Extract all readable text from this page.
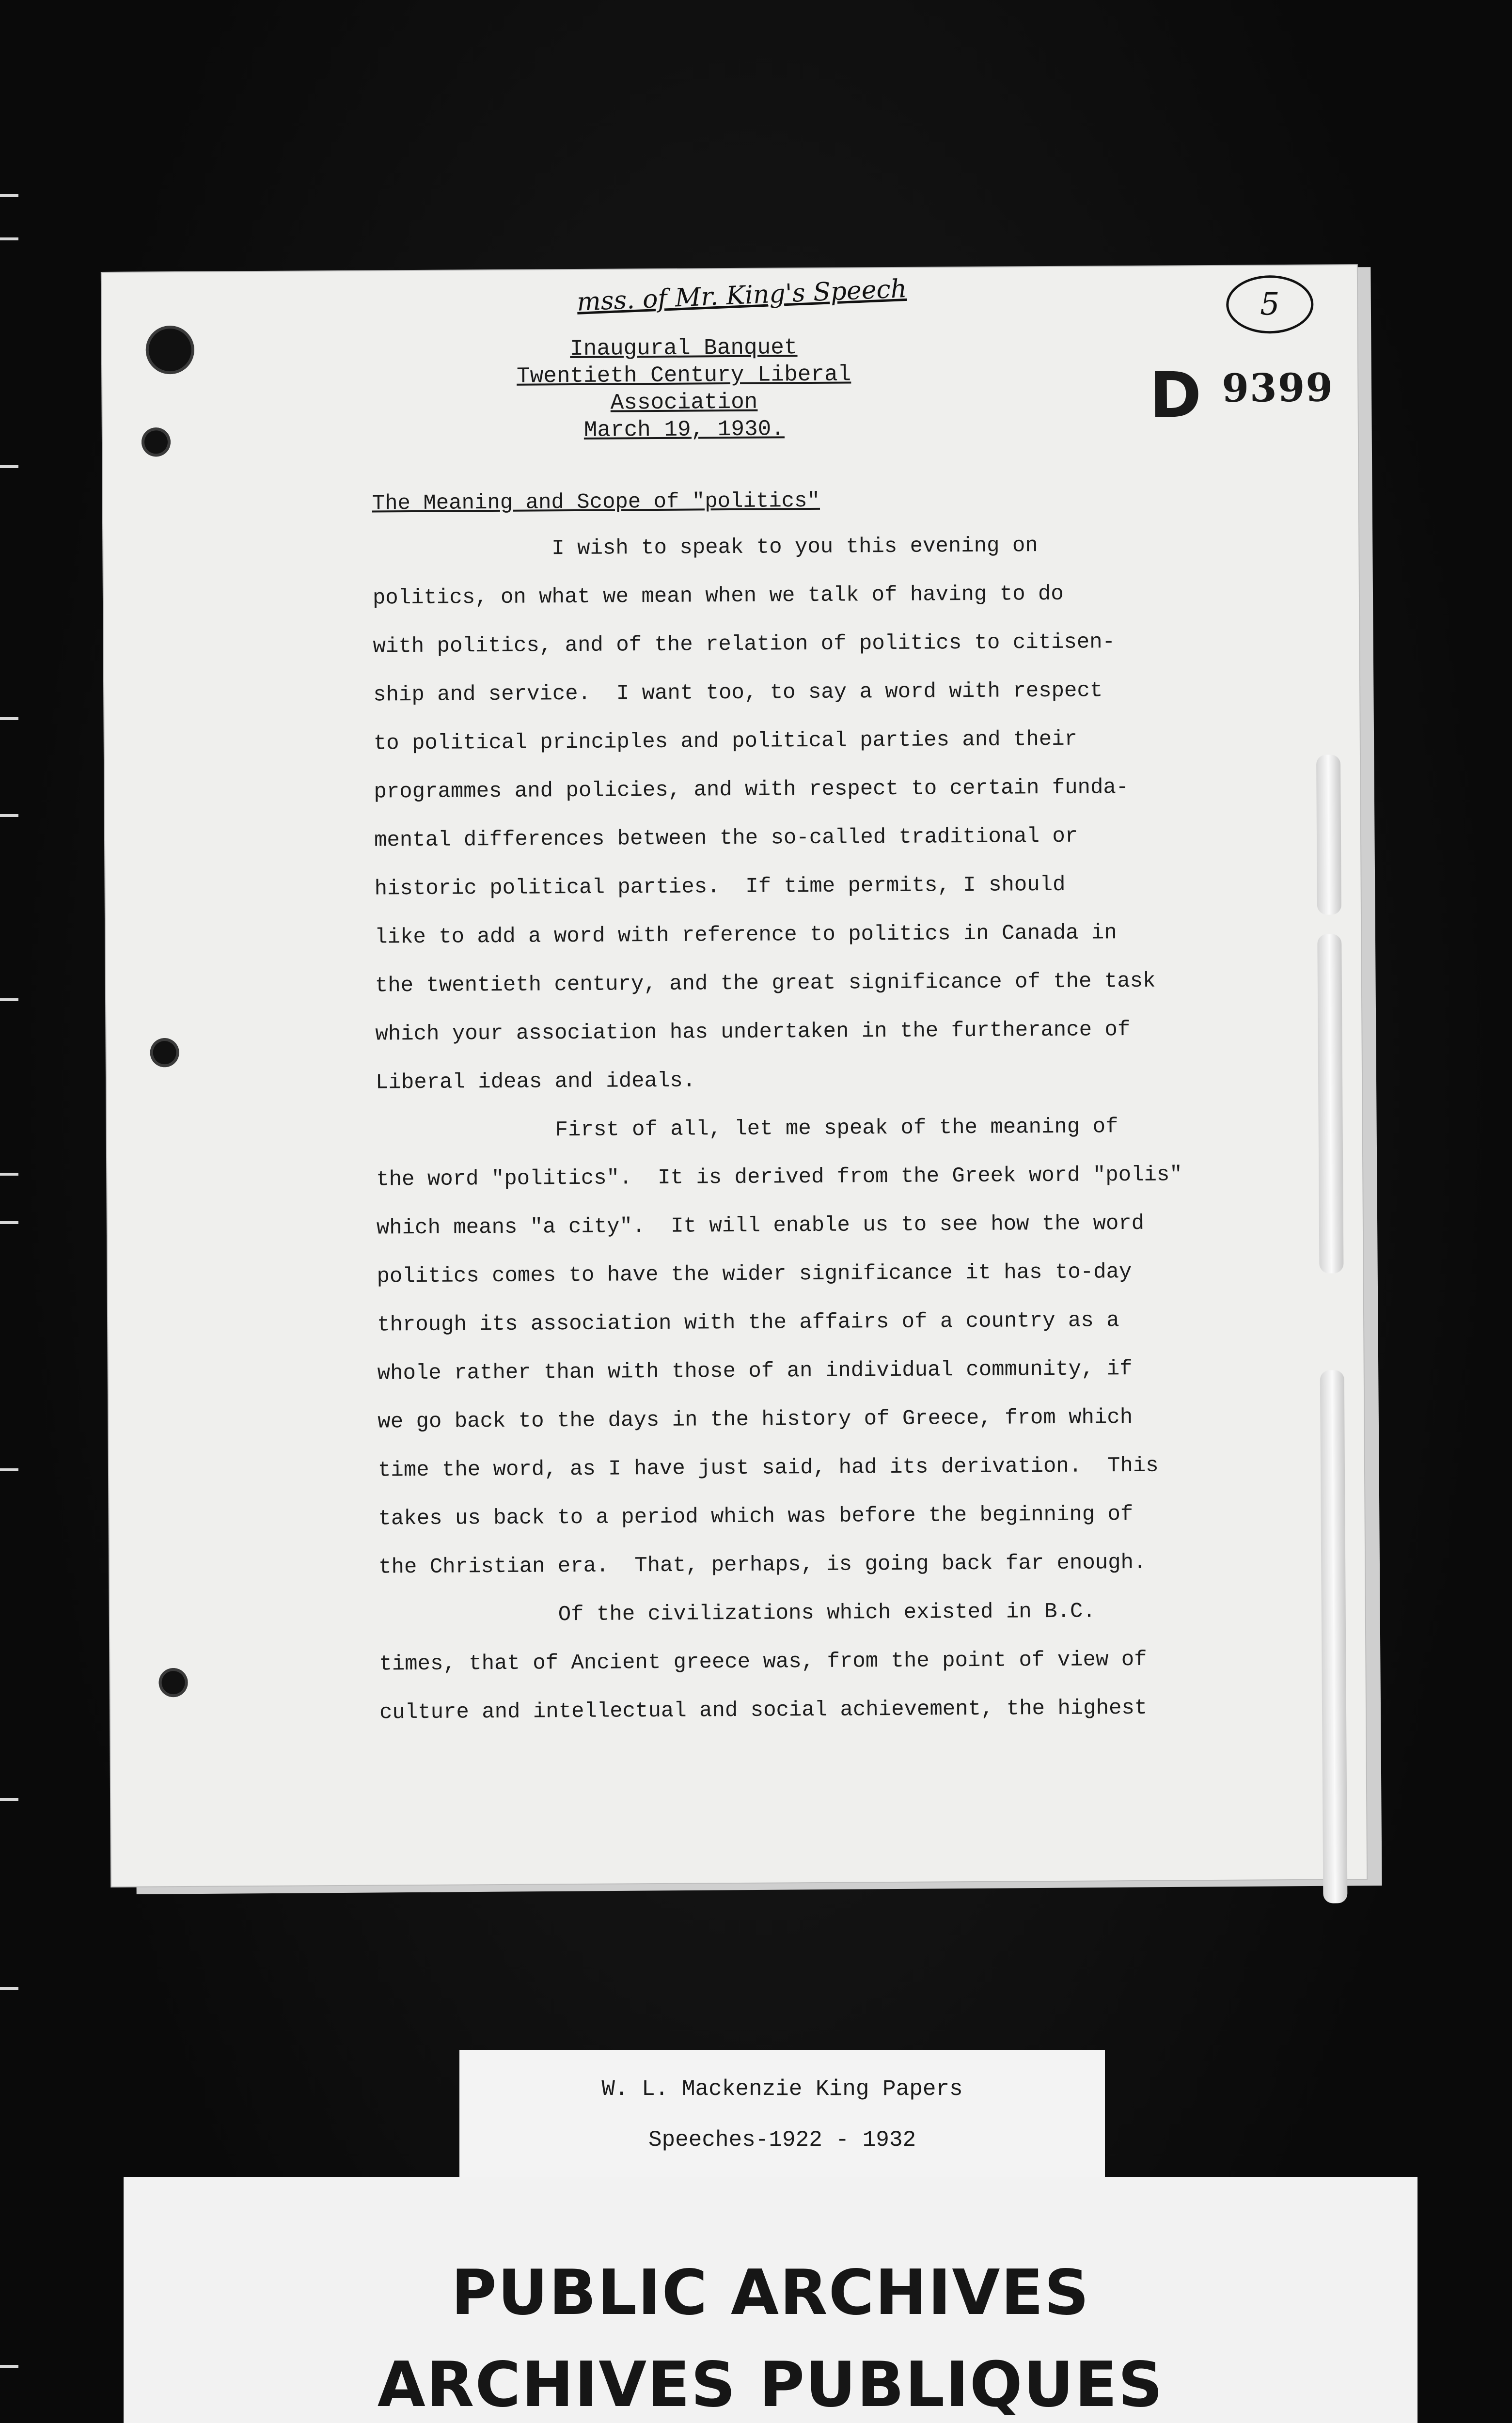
mss. of Mr. King's Speech	5
Inaugural Banquet
Twentieth Century Liberal Association
March 19, 1930.	D 9399
The Meaning and Scope of "politics"
I wish to speak to you this evening on
politics, on what we mean when we talk of having to do
with politics, and of the relation of politics to citisen-
ship and service.  I want too, to say a word with respect
to political principles and political parties and their
programmes and policies, and with respect to certain funda-
mental differences between the so-called traditional or
historic political parties.  If time permits, I should
like to add a word with reference to politics in Canada in
the twentieth century, and the great significance of the task
which your association has undertaken in the furtherance of
Liberal ideas and ideals.
First of all, let me speak of the meaning of
the word "politics".  It is derived from the Greek word "polis"
which means "a city".  It will enable us to see how the word
politics comes to have the wider significance it has to-day
through its association with the affairs of a country as a
whole rather than with those of an individual community, if
we go back to the days in the history of Greece, from which
time the word, as I have just said, had its derivation.  This
takes us back to a period which was before the beginning of
the Christian era.  That, perhaps, is going back far enough.
Of the civilizations which existed in B.C.
times, that of Ancient greece was, from the point of view of
culture and intellectual and social achievement, the highest
W. L. Mackenzie King Papers
Speeches-1922 - 1932
PUBLIC ARCHIVES
ARCHIVES PUBLIQUES
